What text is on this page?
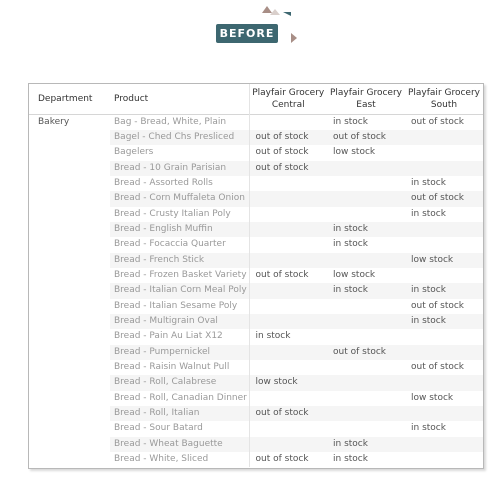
BEFORE
Department	Product	Playfair Grocery Central	Playfair Grocery East	Playfair Grocery South
Bakery	Bag - Bread, White, Plain		in stock	out of stock
	Bagel - Ched Chs Presliced	out of stock	out of stock	
	Bagelers	out of stock	low stock	
	Bread - 10 Grain Parisian	out of stock		
	Bread - Assorted Rolls			in stock
	Bread - Corn Muffaleta Onion			out of stock
	Bread - Crusty Italian Poly			in stock
	Bread - English Muffin		in stock	
	Bread - Focaccia Quarter		in stock	
	Bread - French Stick			low stock
	Bread - Frozen Basket Variety	out of stock	low stock	
	Bread - Italian Corn Meal Poly		in stock	in stock
	Bread - Italian Sesame Poly			out of stock
	Bread - Multigrain Oval			in stock
	Bread - Pain Au Liat X12	in stock		
	Bread - Pumpernickel		out of stock	
	Bread - Raisin Walnut Pull			out of stock
	Bread - Roll, Calabrese	low stock		
	Bread - Roll, Canadian Dinner			low stock
	Bread - Roll, Italian	out of stock		
	Bread - Sour Batard			in stock
	Bread - Wheat Baguette		in stock	
	Bread - White, Sliced	out of stock	in stock	
